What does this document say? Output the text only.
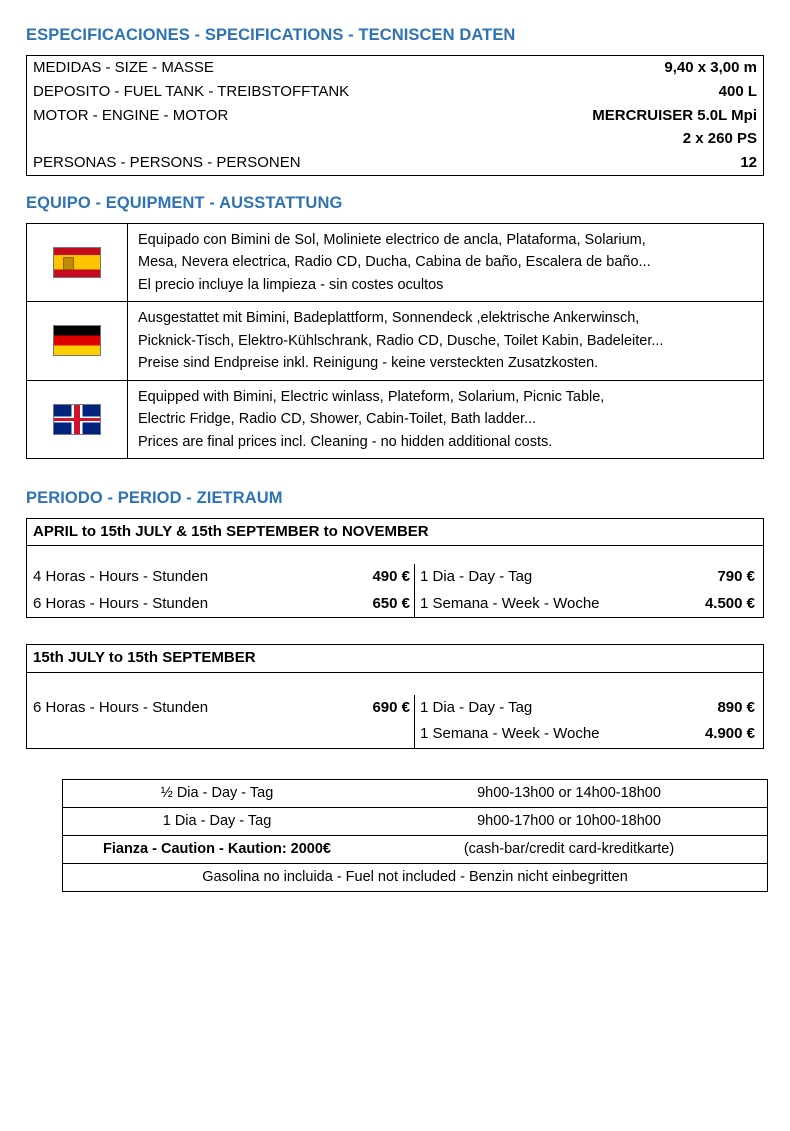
ESPECIFICACIONES - SPECIFICATIONS - TECNISCEN DATEN
MEDIDAS - SIZE - MASSE	9,40 x 3,00 m
DEPOSITO - FUEL TANK - TREIBSTOFFTANK	400 L
MOTOR - ENGINE - MOTOR	MERCRUISER 5.0L Mpi
	2 x 260 PS
PERSONAS - PERSONS - PERSONEN	12
EQUIPO - EQUIPMENT - AUSSTATTUNG

	Equipado con Bimini de Sol, Moliniete electrico de ancla, Plataforma, Solarium,
Mesa, Nevera electrica, Radio CD, Ducha, Cabina de baño, Escalera de baño...
El precio incluye la limpieza - sin costes ocultos

	Ausgestattet mit Bimini, Badeplattform, Sonnendeck ,elektrische Ankerwinsch,
Picknick-Tisch, Elektro-Kühlschrank, Radio CD, Dusche, Toilet Kabin, Badeleiter...
Preise sind Endpreise inkl. Reinigung - keine versteckten Zusatzkosten.

	Equipped with Bimini, Electric winlass, Plateform, Solarium, Picnic Table,
Electric Fridge, Radio CD, Shower, Cabin-Toilet, Bath ladder...
Prices are final prices incl. Cleaning - no hidden additional costs.
PERIODO - PERIOD - ZIETRAUM
APRIL to 15th JULY & 15th SEPTEMBER to NOVEMBER			

4 Horas - Hours - Stunden	490 €	1 Dia - Day - Tag	790 €
6 Horas - Hours - Stunden	650 €	1 Semana - Week - Woche	4.500 €
15th JULY to 15th SEPTEMBER			

6 Horas - Hours - Stunden	690 €	1 Dia - Day - Tag	890 €
		1 Semana - Week - Woche	4.900 €
½ Dia - Day - Tag	9h00-13h00 or 14h00-18h00
1 Dia - Day - Tag	9h00-17h00 or 10h00-18h00
Fianza - Caution - Kaution: 2000€	(cash-bar/credit card-kreditkarte)
Gasolina no incluida - Fuel not included - Benzin nicht einbegritten	
